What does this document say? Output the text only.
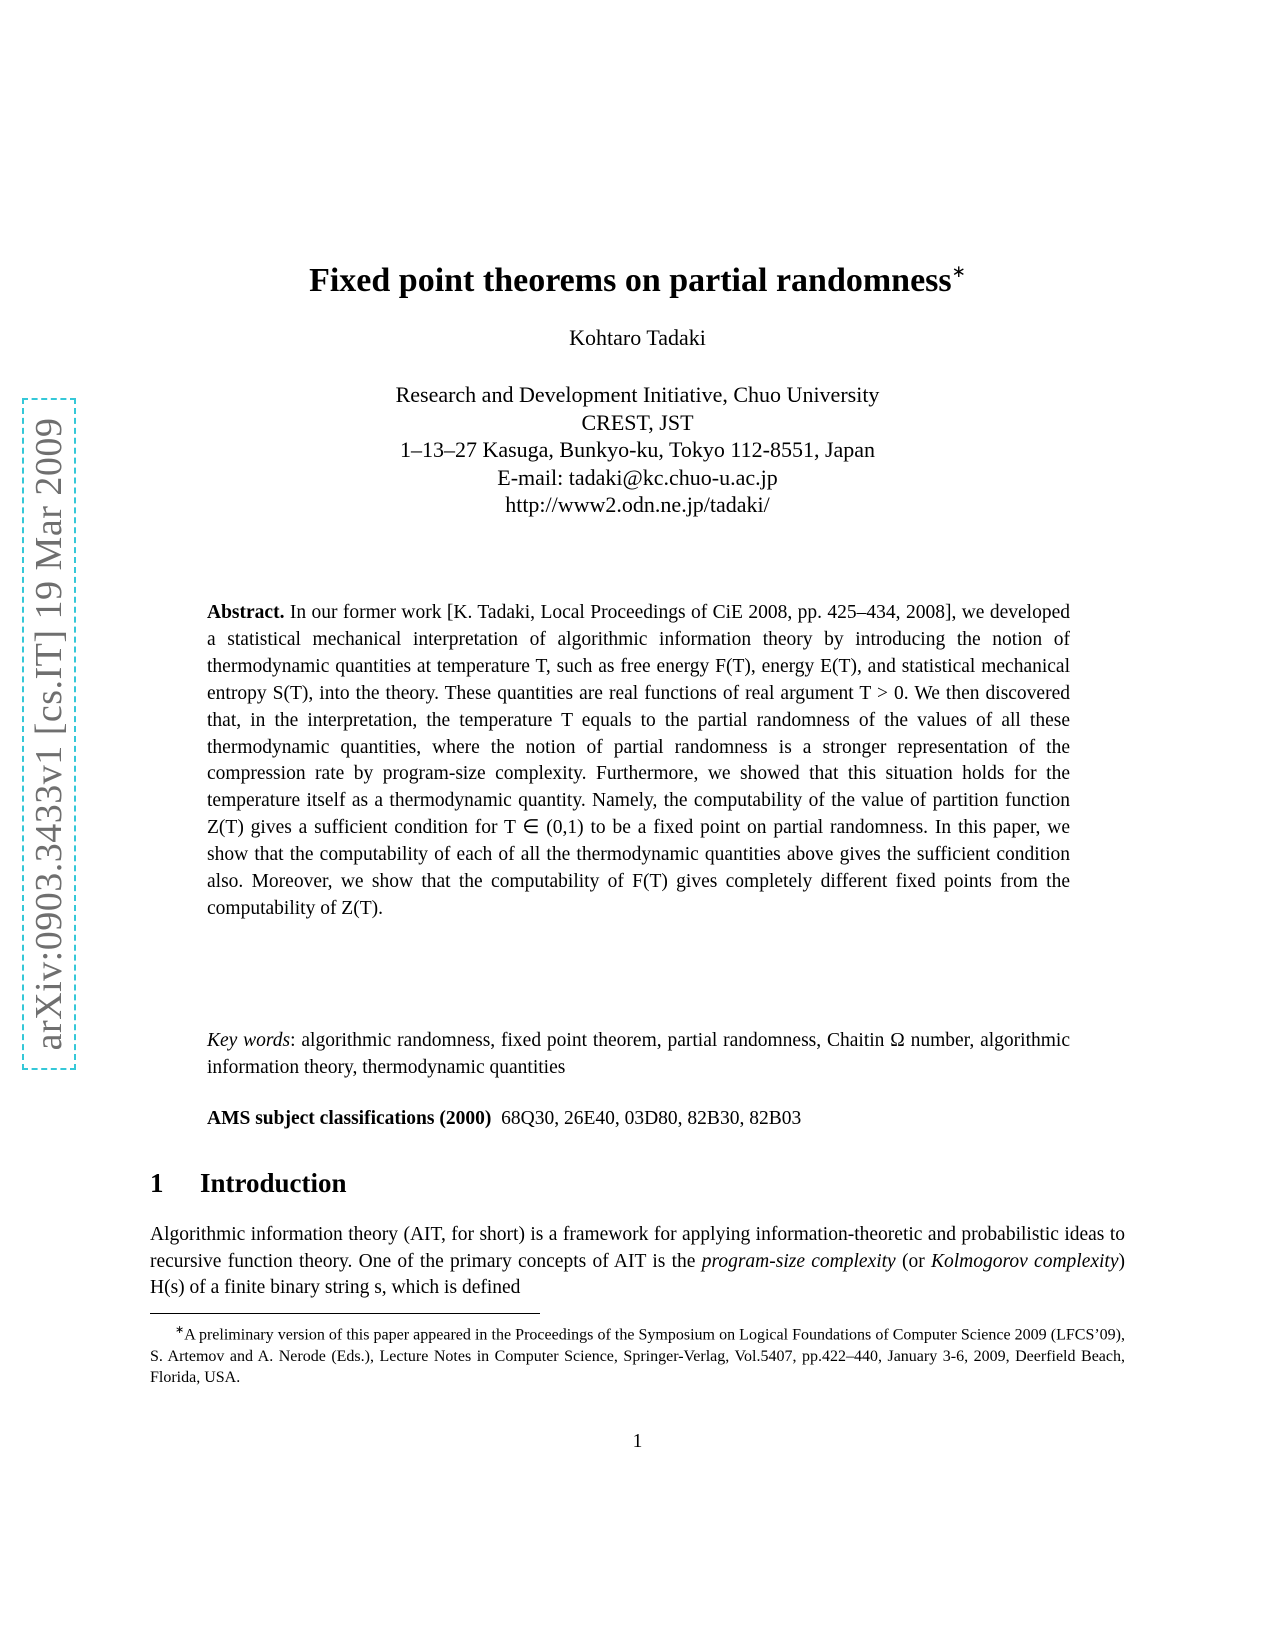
arXiv:0903.3433v1 [cs.IT] 19 Mar 2009
Fixed point theorems on partial randomness∗
Kohtaro Tadaki
Research and Development Initiative, Chuo University
CREST, JST
1–13–27 Kasuga, Bunkyo-ku, Tokyo 112-8551, Japan
E-mail: tadaki@kc.chuo-u.ac.jp
http://www2.odn.ne.jp/tadaki/
Abstract. In our former work [K. Tadaki, Local Proceedings of CiE 2008, pp. 425–434, 2008], we developed a statistical mechanical interpretation of algorithmic information theory by introducing the notion of thermodynamic quantities at temperature T, such as free energy F(T), energy E(T), and statistical mechanical entropy S(T), into the theory. These quantities are real functions of real argument T > 0. We then discovered that, in the interpretation, the temperature T equals to the partial randomness of the values of all these thermodynamic quantities, where the notion of partial randomness is a stronger representation of the compression rate by program-size complexity. Furthermore, we showed that this situation holds for the temperature itself as a thermodynamic quantity. Namely, the computability of the value of partition function Z(T) gives a sufficient condition for T ∈ (0,1) to be a fixed point on partial randomness. In this paper, we show that the computability of each of all the thermodynamic quantities above gives the sufficient condition also. Moreover, we show that the computability of F(T) gives completely different fixed points from the computability of Z(T).
Key words: algorithmic randomness, fixed point theorem, partial randomness, Chaitin Ω number, algorithmic information theory, thermodynamic quantities
AMS subject classifications (2000) 68Q30, 26E40, 03D80, 82B30, 82B03
1 Introduction
Algorithmic information theory (AIT, for short) is a framework for applying information-theoretic and probabilistic ideas to recursive function theory. One of the primary concepts of AIT is the program-size complexity (or Kolmogorov complexity) H(s) of a finite binary string s, which is defined
∗A preliminary version of this paper appeared in the Proceedings of the Symposium on Logical Foundations of Computer Science 2009 (LFCS’09), S. Artemov and A. Nerode (Eds.), Lecture Notes in Computer Science, Springer-Verlag, Vol.5407, pp.422–440, January 3-6, 2009, Deerfield Beach, Florida, USA.
1
